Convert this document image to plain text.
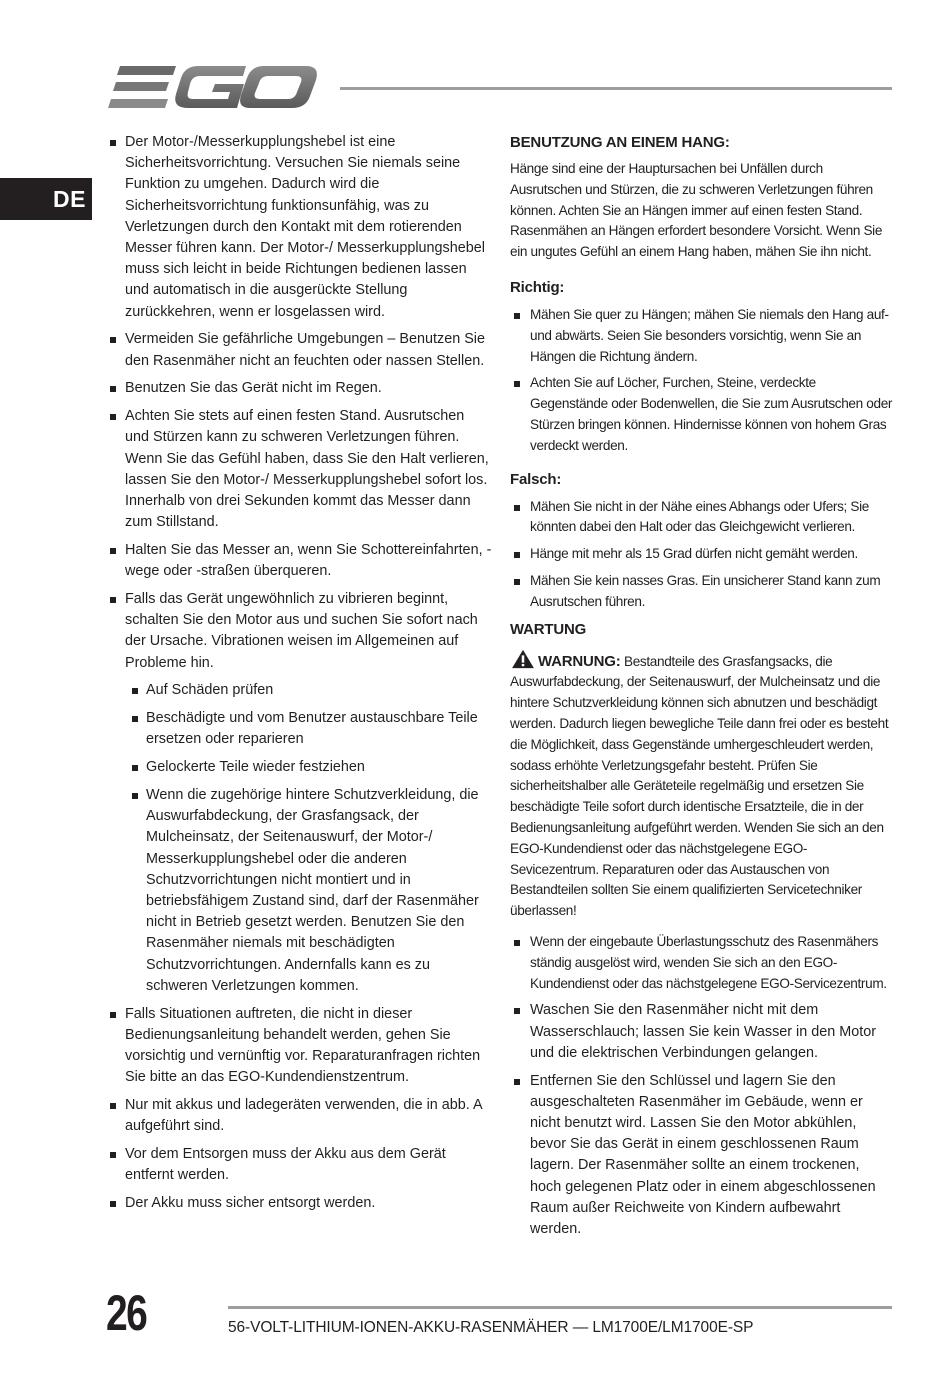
DE
Der Motor-/Messerkupplungshebel ist eine Sicherheitsvorrichtung. Versuchen Sie niemals seine Funktion zu umgehen. Dadurch wird die Sicherheitsvorrichtung funktionsunfähig, was zu Verletzungen durch den Kontakt mit dem rotierenden Messer führen kann. Der Motor-/ Messerkupplungshebel muss sich leicht in beide Richtungen bedienen lassen und automatisch in die ausgerückte Stellung zurückkehren, wenn er losgelassen wird.
Vermeiden Sie gefährliche Umgebungen – Benutzen Sie den Rasenmäher nicht an feuchten oder nassen Stellen.
Benutzen Sie das Gerät nicht im Regen.
Achten Sie stets auf einen festen Stand. Ausrutschen und Stürzen kann zu schweren Verletzungen führen. Wenn Sie das Gefühl haben, dass Sie den Halt verlieren, lassen Sie den Motor-/ Messerkupplungshebel sofort los. Innerhalb von drei Sekunden kommt das Messer dann zum Stillstand.
Halten Sie das Messer an, wenn Sie Schottereinfahrten, -wege oder -straßen überqueren.
Falls das Gerät ungewöhnlich zu vibrieren beginnt, schalten Sie den Motor aus und suchen Sie sofort nach der Ursache. Vibrationen weisen im Allgemeinen auf Probleme hin.
Auf Schäden prüfen
Beschädigte und vom Benutzer austauschbare Teile ersetzen oder reparieren
Gelockerte Teile wieder festziehen
Wenn die zugehörige hintere Schutzverkleidung, die Auswurfabdeckung, der Grasfangsack, der Mulcheinsatz, der Seitenauswurf, der Motor-/ Messerkupplungshebel oder die anderen Schutzvorrichtungen nicht montiert und in betriebsfähigem Zustand sind, darf der Rasenmäher nicht in Betrieb gesetzt werden. Benutzen Sie den Rasenmäher niemals mit beschädigten Schutzvorrichtungen. Andernfalls kann es zu schweren Verletzungen kommen.
Falls Situationen auftreten, die nicht in dieser Bedienungsanleitung behandelt werden, gehen Sie vorsichtig und vernünftig vor. Reparaturanfragen richten Sie bitte an das EGO-Kundendienstzentrum.
Nur mit akkus und ladegeräten verwenden, die in abb. A aufgeführt sind.
Vor dem Entsorgen muss der Akku aus dem Gerät entfernt werden.
Der Akku muss sicher entsorgt werden.
BENUTZUNG AN EINEM HANG:

Hänge sind eine der Hauptursachen bei Unfällen durch Ausrutschen und Stürzen, die zu schweren Verletzungen führen können. Achten Sie an Hängen immer auf einen festen Stand. Rasenmähen an Hängen erfordert besondere Vorsicht. Wenn Sie ein ungutes Gefühl an einem Hang haben, mähen Sie ihn nicht.

Richtig:
Mähen Sie quer zu Hängen; mähen Sie niemals den Hang auf- und abwärts. Seien Sie besonders vorsichtig, wenn Sie an Hängen die Richtung ändern.
Achten Sie auf Löcher, Furchen, Steine, verdeckte Gegenstände oder Bodenwellen, die Sie zum Ausrutschen oder Stürzen bringen können. Hindernisse können von hohem Gras verdeckt werden.
Falsch:
Mähen Sie nicht in der Nähe eines Abhangs oder Ufers; Sie könnten dabei den Halt oder das Gleichgewicht verlieren.
Hänge mit mehr als 15 Grad dürfen nicht gemäht werden.
Mähen Sie kein nasses Gras. Ein unsicherer Stand kann zum Ausrutschen führen.
WARTUNG

WARNUNG: Bestandteile des Grasfangsacks, die Auswurfabdeckung, der Seitenauswurf, der Mulcheinsatz und die hintere Schutzverkleidung können sich abnutzen und beschädigt werden. Dadurch liegen bewegliche Teile dann frei oder es besteht die Möglichkeit, dass Gegenstände umhergeschleudert werden, sodass erhöhte Verletzungsgefahr besteht. Prüfen Sie sicherheitshalber alle Geräteteile regelmäßig und ersetzen Sie beschädigte Teile sofort durch identische Ersatzteile, die in der Bedienungsanleitung aufgeführt werden. Wenden Sie sich an den EGO-Kundendienst oder das nächstgelegene EGO-Sevicezentrum. Reparaturen oder das Austauschen von Bestandteilen sollten Sie einem qualifizierten Servicetechniker überlassen!

Wenn der eingebaute Überlastungsschutz des Rasenmähers ständig ausgelöst wird, wenden Sie sich an den EGO-Kundendienst oder das nächstgelegene EGO-Servicezentrum.
Waschen Sie den Rasenmäher nicht mit dem Wasserschlauch; lassen Sie kein Wasser in den Motor und die elektrischen Verbindungen gelangen.
Entfernen Sie den Schlüssel und lagern Sie den ausgeschalteten Rasenmäher im Gebäude, wenn er nicht benutzt wird. Lassen Sie den Motor abkühlen, bevor Sie das Gerät in einem geschlossenen Raum lagern. Der Rasenmäher sollte an einem trockenen, hoch gelegenen Platz oder in einem abgeschlossenen Raum außer Reichweite von Kindern aufbewahrt werden.
26	56-VOLT-LITHIUM-IONEN-AKKU-RASENMÄHER — LM1700E/LM1700E-SP
